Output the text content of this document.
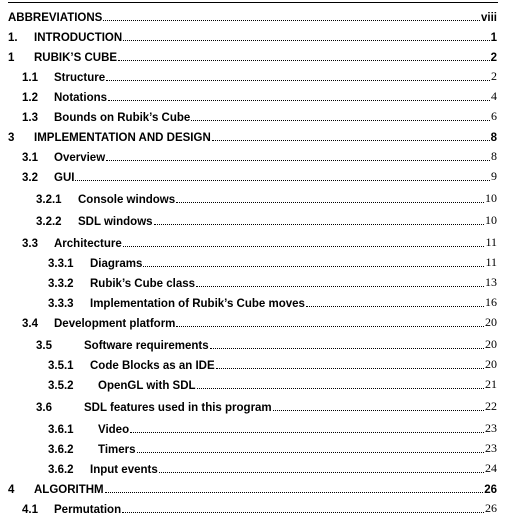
ABBREVIATIONS	viii
1.	INTRODUCTION	1
1	RUBIK’S CUBE	2
1.1	Structure	2
1.2	Notations	4
1.3	Bounds on Rubik’s Cube	6
3	IMPLEMENTATION AND DESIGN	8
3.1	Overview	8
3.2	GUI	9
3.2.1	Console windows	10
3.2.2	SDL windows	10
3.3	Architecture	11
3.3.1	Diagrams	11
3.3.2	Rubik’s Cube class	13
3.3.3	Implementation of Rubik’s Cube moves	16
3.4	Development platform	20
3.5	Software requirements	20
3.5.1	Code Blocks as an IDE	20
3.5.2	OpenGL with SDL	21
3.6	SDL features used in this program	22
3.6.1	Video	23
3.6.2	Timers	23
3.6.2	Input events	24
4	ALGORITHM	26
4.1	Permutation	26
